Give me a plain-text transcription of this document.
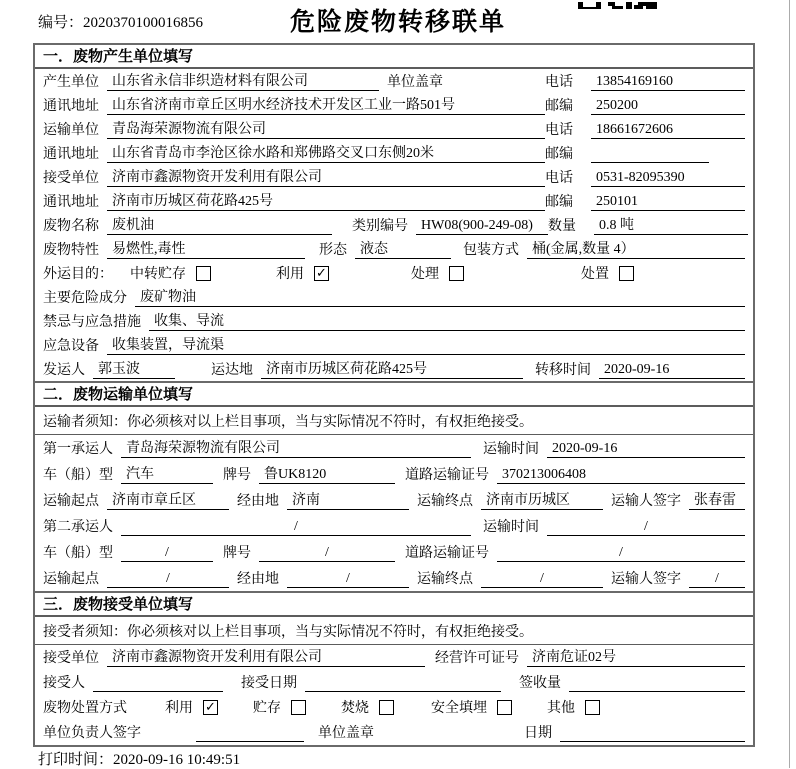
编号：2020370100016856	危险废物转移联单
一．废物产生单位填写
产生单位 山东省永信非织造材料有限公司	单位盖章	电话	13854169160
通讯地址 山东省济南市章丘区明水经济技术开发区工业一路501号	邮编	250200
运输单位 青岛海荣源物流有限公司	电话	18661672606
通讯地址 山东省青岛市李沧区徐水路和郑佛路交叉口东侧20米	邮编
接受单位 济南市鑫源物资开发利用有限公司	电话	0531-82095390
通讯地址 济南市历城区荷花路425号	邮编	250101
废物名称 废机油	类别编号 HW08(900-249-08)	数量	0.8 吨
废物特性 易燃性,毒性	形态 液态	包装方式 桶(金属,数量 4）
外运目的： 中转贮存	利用 ✓	处理	处置
主要危险成分 废矿物油
禁忌与应急措施 收集、导流
应急设备 收集装置，导流渠
发运人 郭玉波	运达地 济南市历城区荷花路425号	转移时间 2020-09-16
二．废物运输单位填写
运输者须知：你必须核对以上栏目事项，当与实际情况不符时，有权拒绝接受。
第一承运人 青岛海荣源物流有限公司	运输时间 2020-09-16
车（船）型 汽车	牌号 鲁UK8120	道路运输证号 370213006408
运输起点 济南市章丘区	经由地 济南	运输终点 济南市历城区	运输人签字 张春雷
第二承运人	/	运输时间	/
车（船）型	/	牌号	/	道路运输证号	/
运输起点	/	经由地	/	运输终点	/	运输人签字	/
三．废物接受单位填写
接受者须知：你必须核对以上栏目事项，当与实际情况不符时，有权拒绝接受。
接受单位 济南市鑫源物资开发利用有限公司	经营许可证号 济南危证02号
接受人	接受日期	签收量
废物处置方式	利用 ✓	贮存	焚烧	安全填埋	其他
单位负责人签字	单位盖章	日期
打印时间：2020-09-16 10:49:51
